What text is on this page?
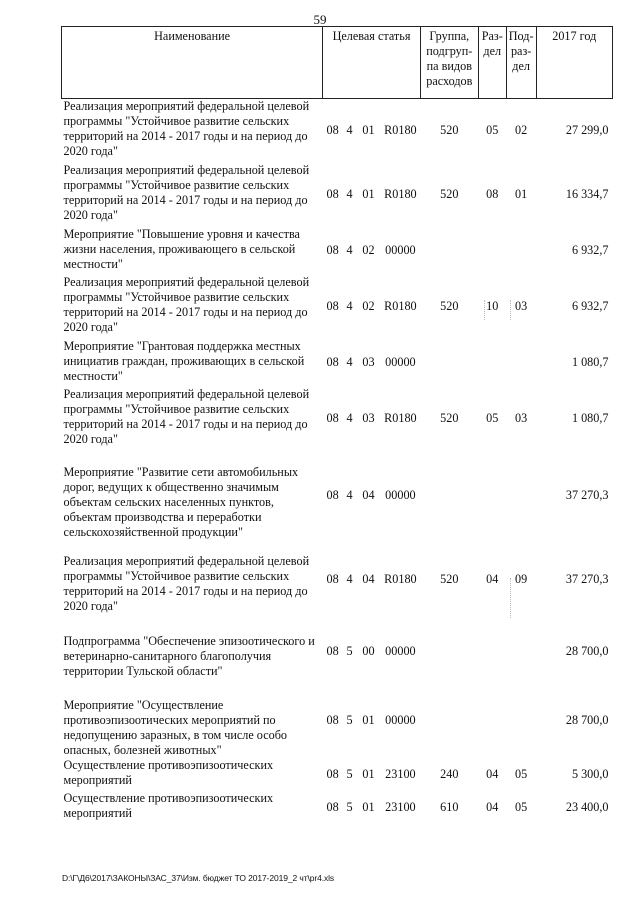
59
Наименование	Целевая статья				Группа, подгруп- па видов расходов	Раз- дел	Под- раз- дел	2017 год
Реализация мероприятий федеральной целевой программы "Устойчивое развитие сельских территорий на 2014 - 2017 годы и на период до 2020 года"	08	4	01	R0180	520	05	02	27 299,0
Реализация мероприятий федеральной целевой программы "Устойчивое развитие сельских территорий на 2014 - 2017 годы и на период до 2020 года"	08	4	01	R0180	520	08	01	16 334,7
Мероприятие "Повышение уровня и качества жизни населения, проживающего в сельской местности"	08	4	02	00000				6 932,7
Реализация мероприятий федеральной целевой программы "Устойчивое развитие сельских территорий на 2014 - 2017 годы и на период до 2020 года"	08	4	02	R0180	520	10	03	6 932,7
Мероприятие "Грантовая поддержка местных инициатив граждан, проживающих в сельской местности"	08	4	03	00000				1 080,7
Реализация мероприятий федеральной целевой программы "Устойчивое развитие сельских территорий на 2014 - 2017 годы и на период до 2020 года"	08	4	03	R0180	520	05	03	1 080,7
Мероприятие "Развитие сети автомобильных дорог, ведущих к общественно значимым объектам сельских населенных пунктов, объектам производства и переработки сельскохозяйственной продукции"	08	4	04	00000				37 270,3
Реализация мероприятий федеральной целевой программы "Устойчивое развитие сельских территорий на 2014 - 2017 годы и на период до 2020 года"	08	4	04	R0180	520	04	09	37 270,3
Подпрограмма "Обеспечение эпизоотического и ветеринарно-санитарного благополучия территории Тульской области"	08	5	00	00000				28 700,0
Мероприятие "Осуществление противоэпизоотических мероприятий по недопущению заразных, в том числе особо опасных, болезней животных"	08	5	01	00000				28 700,0
Осуществление противоэпизоотических мероприятий	08	5	01	23100	240	04	05	5 300,0
Осуществление противоэпизоотических мероприятий	08	5	01	23100	610	04	05	23 400,0
D:\Г\Д6\2017\ЗАКОНЫ\ЗАС_37\Изм. бюджет ТО 2017-2019_2 чт\pr4.xls
